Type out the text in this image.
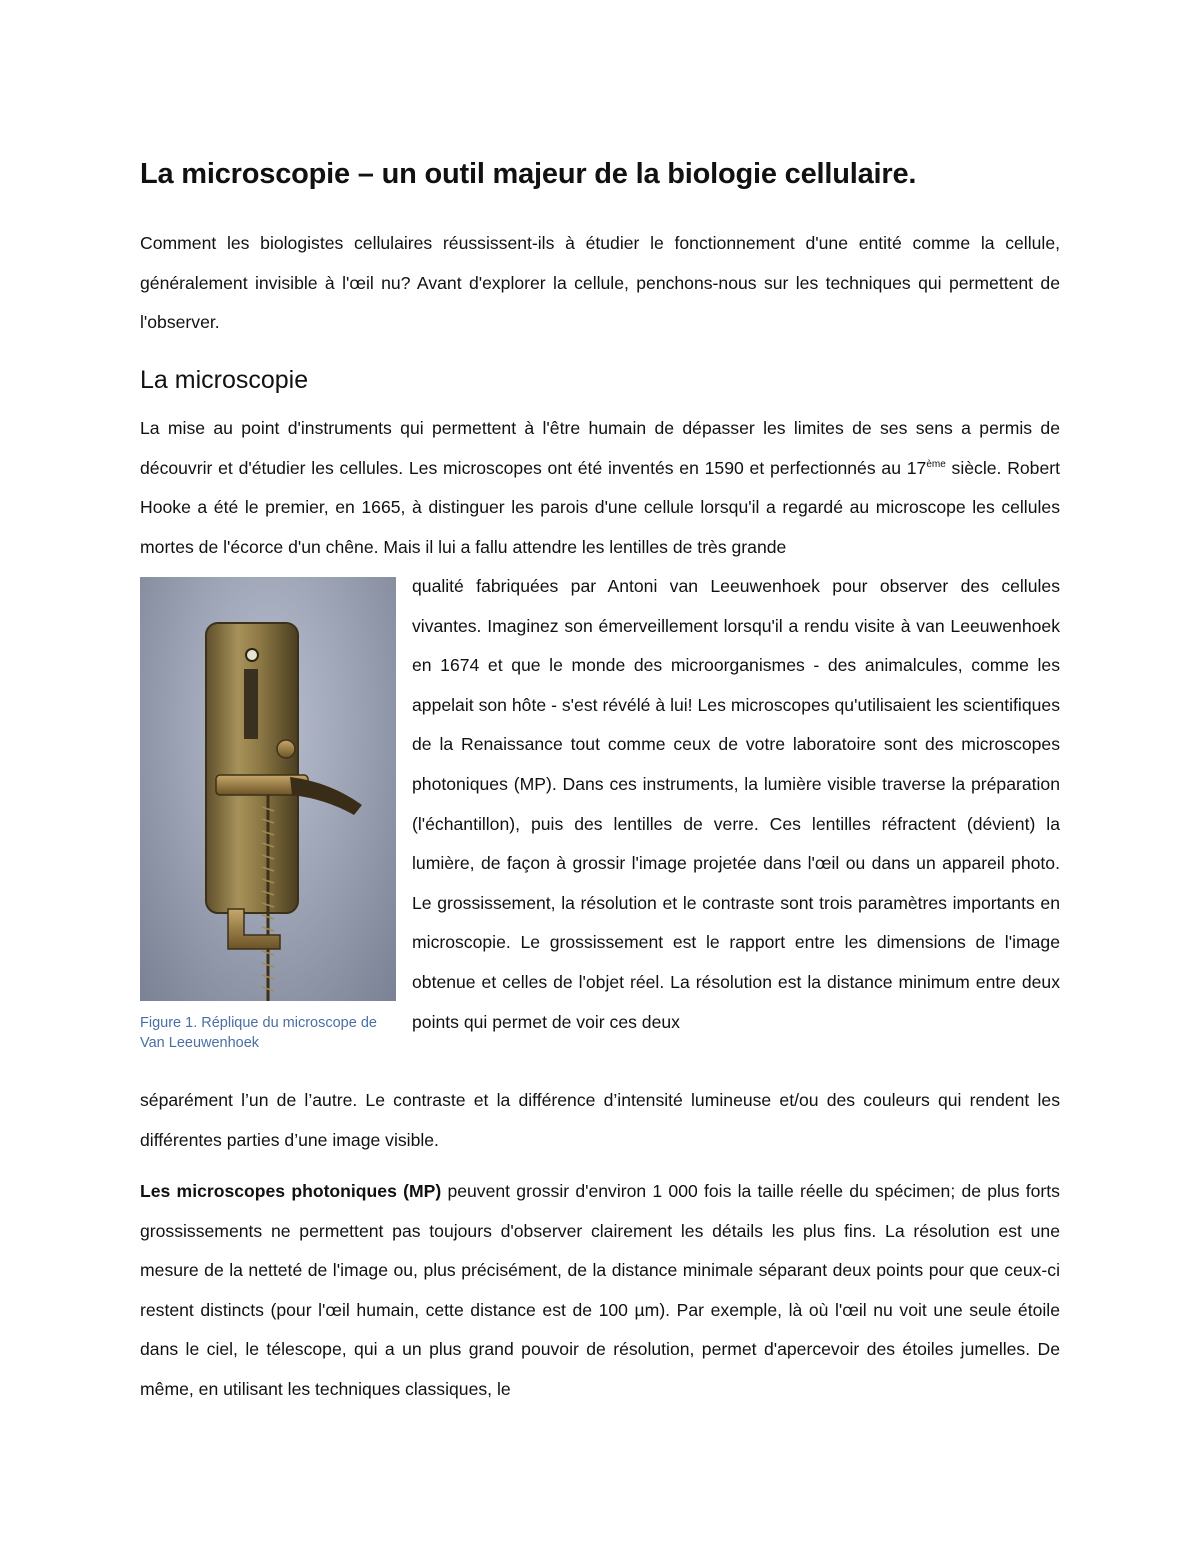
La microscopie – un outil majeur de la biologie cellulaire.

Comment les biologistes cellulaires réussissent-ils à étudier le fonctionnement d'une entité comme la cellule, généralement invisible à l'œil nu? Avant d'explorer la cellule, penchons-nous sur les techniques qui permettent de l'observer.

La microscopie

La mise au point d'instruments qui permettent à l'être humain de dépasser les limites de ses sens a permis de découvrir et d'étudier les cellules. Les microscopes ont été inventés en 1590 et perfectionnés au 17ème siècle. Robert Hooke a été le premier, en 1665, à distinguer les parois d'une cellule lorsqu'il a regardé au microscope les cellules mortes de l'écorce d'un chêne. Mais il lui a fallu attendre les lentilles de très grande

Figure 1. Réplique du microscope de Van Leeuwenhoek

qualité fabriquées par Antoni van Leeuwenhoek pour observer des cellules vivantes. Imaginez son émerveillement lorsqu'il a rendu visite à van Leeuwenhoek en 1674 et que le monde des microorganismes - des animalcules, comme les appelait son hôte - s'est révélé à lui! Les microscopes qu'utilisaient les scientifiques de la Renaissance tout comme ceux de votre laboratoire sont des microscopes photoniques (MP). Dans ces instruments, la lumière visible traverse la préparation (l'échantillon), puis des lentilles de verre. Ces lentilles réfractent (dévient) la lumière, de façon à grossir l'image projetée dans l'œil ou dans un appareil photo. Le grossissement, la résolution et le contraste sont trois paramètres importants en microscopie. Le grossissement est le rapport entre les dimensions de l'image obtenue et celles de l'objet réel. La résolution est la distance minimum entre deux points qui permet de voir ces deux

séparément l’un de l’autre. Le contraste et la différence d’intensité lumineuse et/ou des couleurs qui rendent les différentes parties d’une image visible.

Les microscopes photoniques (MP) peuvent grossir d'environ 1 000 fois la taille réelle du spécimen; de plus forts grossissements ne permettent pas toujours d'observer clairement les détails les plus fins. La résolution est une mesure de la netteté de l'image ou, plus précisément, de la distance minimale séparant deux points pour que ceux-ci restent distincts (pour l'œil humain, cette distance est de 100 µm). Par exemple, là où l'œil nu voit une seule étoile dans le ciel, le télescope, qui a un plus grand pouvoir de résolution, permet d'apercevoir des étoiles jumelles. De même, en utilisant les techniques classiques, le
